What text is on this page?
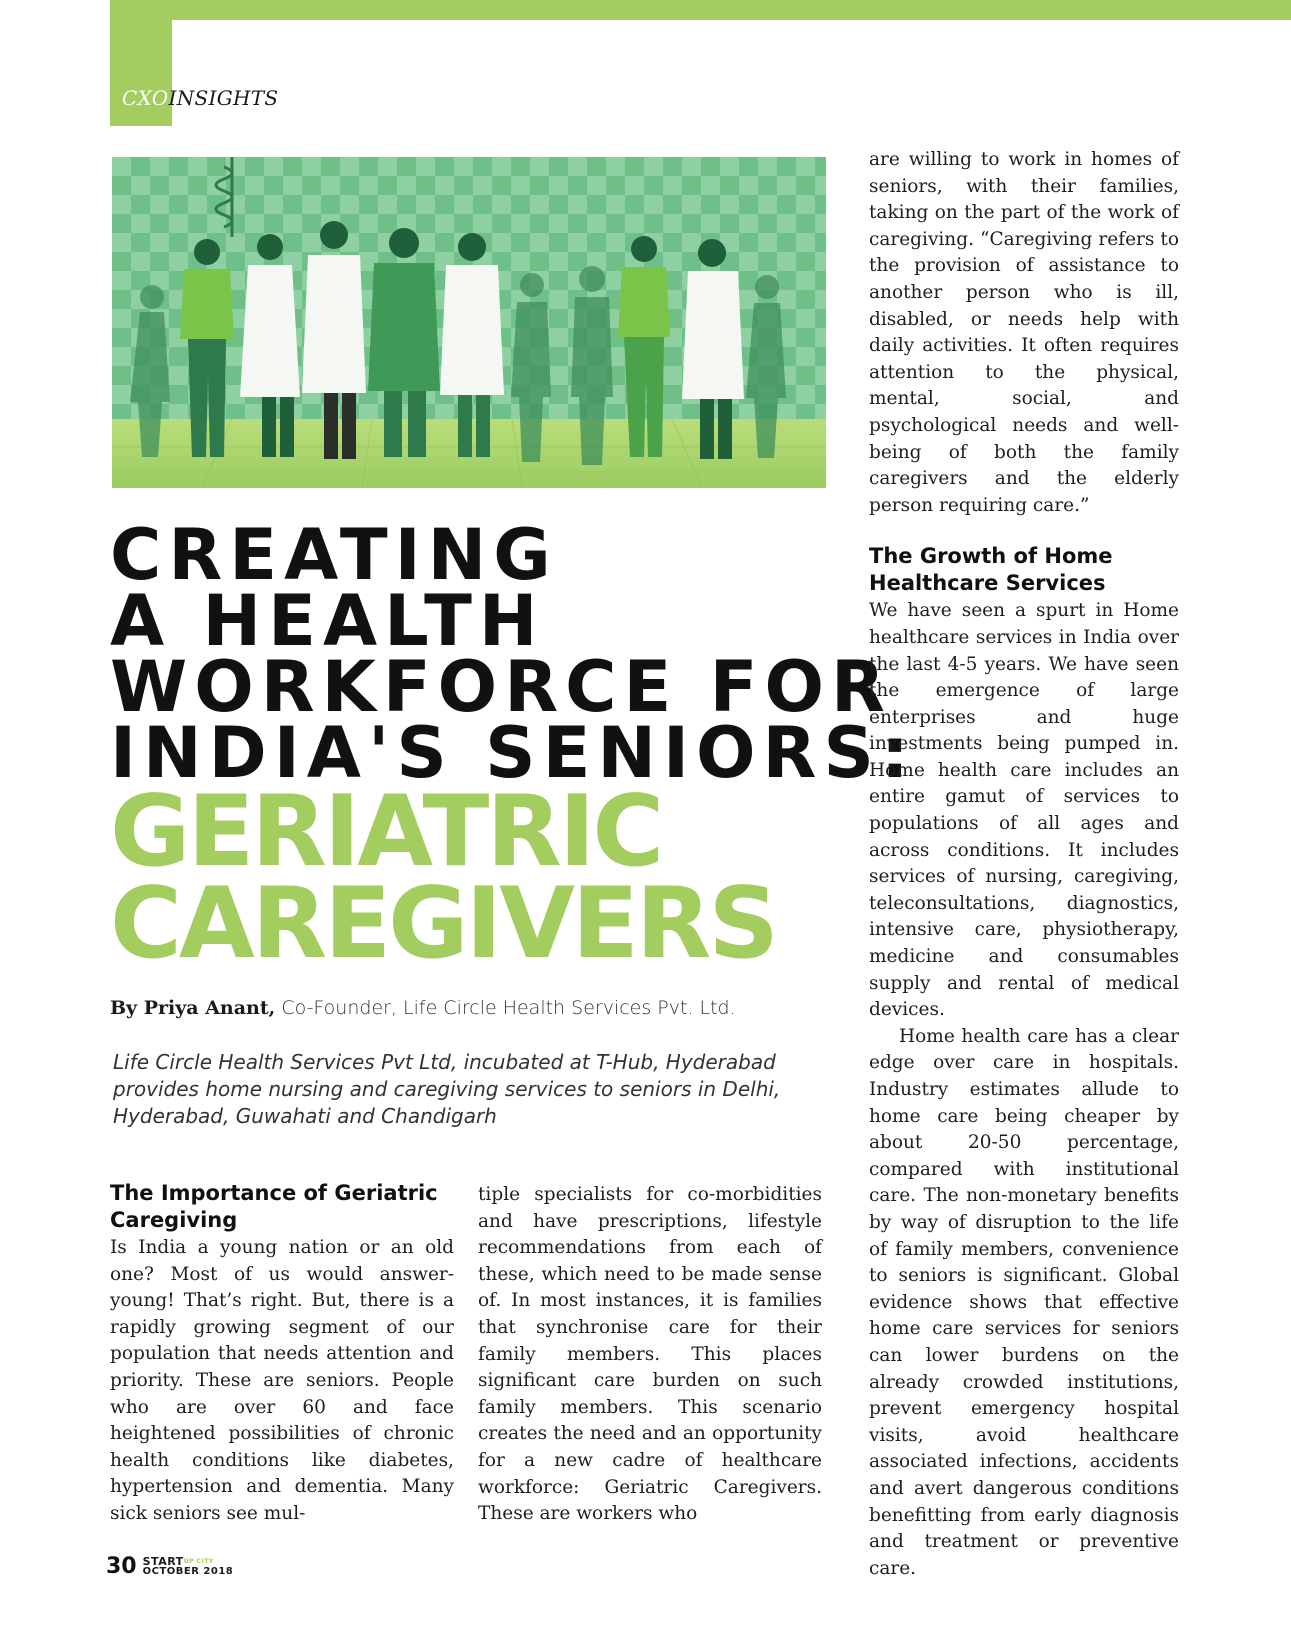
CXOINSIGHTS
CREATING
A HEALTH
WORKFORCE FOR
INDIA'S SENIORS:
GERIATRIC
CAREGIVERS
By Priya Anant, Co-Founder, Life Circle Health Services Pvt. Ltd.
Life Circle Health Services Pvt Ltd, incubated at T-Hub, Hyderabad provides home nursing and caregiving services to seniors in Delhi, Hyderabad, Guwahati and Chandigarh
The Importance of Geriatric Caregiving

Is India a young nation or an old one? Most of us would answer- young! That’s right. But, there is a rapidly growing segment of our population that needs attention and priority. These are seniors. People who are over 60 and face heightened possibilities of chronic health conditions like diabetes, hypertension and dementia. Many sick seniors see mul-

tiple specialists for co-morbidities and have prescriptions, lifestyle recommendations from each of these, which need to be made sense of. In most instances, it is families that synchronise care for their family members. This places significant care burden on such family members. This scenario creates the need and an opportunity for a new cadre of healthcare workforce: Geriatric Caregivers. These are workers who

are willing to work in homes of seniors, with their families, taking on the part of the work of caregiving. “Caregiving refers to the provision of assistance to another person who is ill, disabled, or needs help with daily activities. It often requires attention to the physical, mental, social, and psychological needs and well-being of both the family caregivers and the elderly person requiring care.”

The Growth of Home Healthcare Services

We have seen a spurt in Home healthcare services in India over the last 4-5 years. We have seen the emergence of large enterprises and huge investments being pumped in. Home health care includes an entire gamut of services to populations of all ages and across conditions. It includes services of nursing, caregiving, teleconsultations, diagnostics, intensive care, physiotherapy, medicine and consumables supply and rental of medical devices.

Home health care has a clear edge over care in hospitals. Industry estimates allude to home care being cheaper by about 20-50 percentage, compared with institutional care. The non-monetary benefits by way of disruption to the life of family members, convenience to seniors is significant. Global evidence shows that effective home care services for seniors can lower burdens on the already crowded institutions, prevent emergency hospital visits, avoid healthcare associated infections, accidents and avert dangerous conditions benefitting from early diagnosis and treatment or preventive care.

30 $START^{UP CITY}$
OCTOBER 2018
